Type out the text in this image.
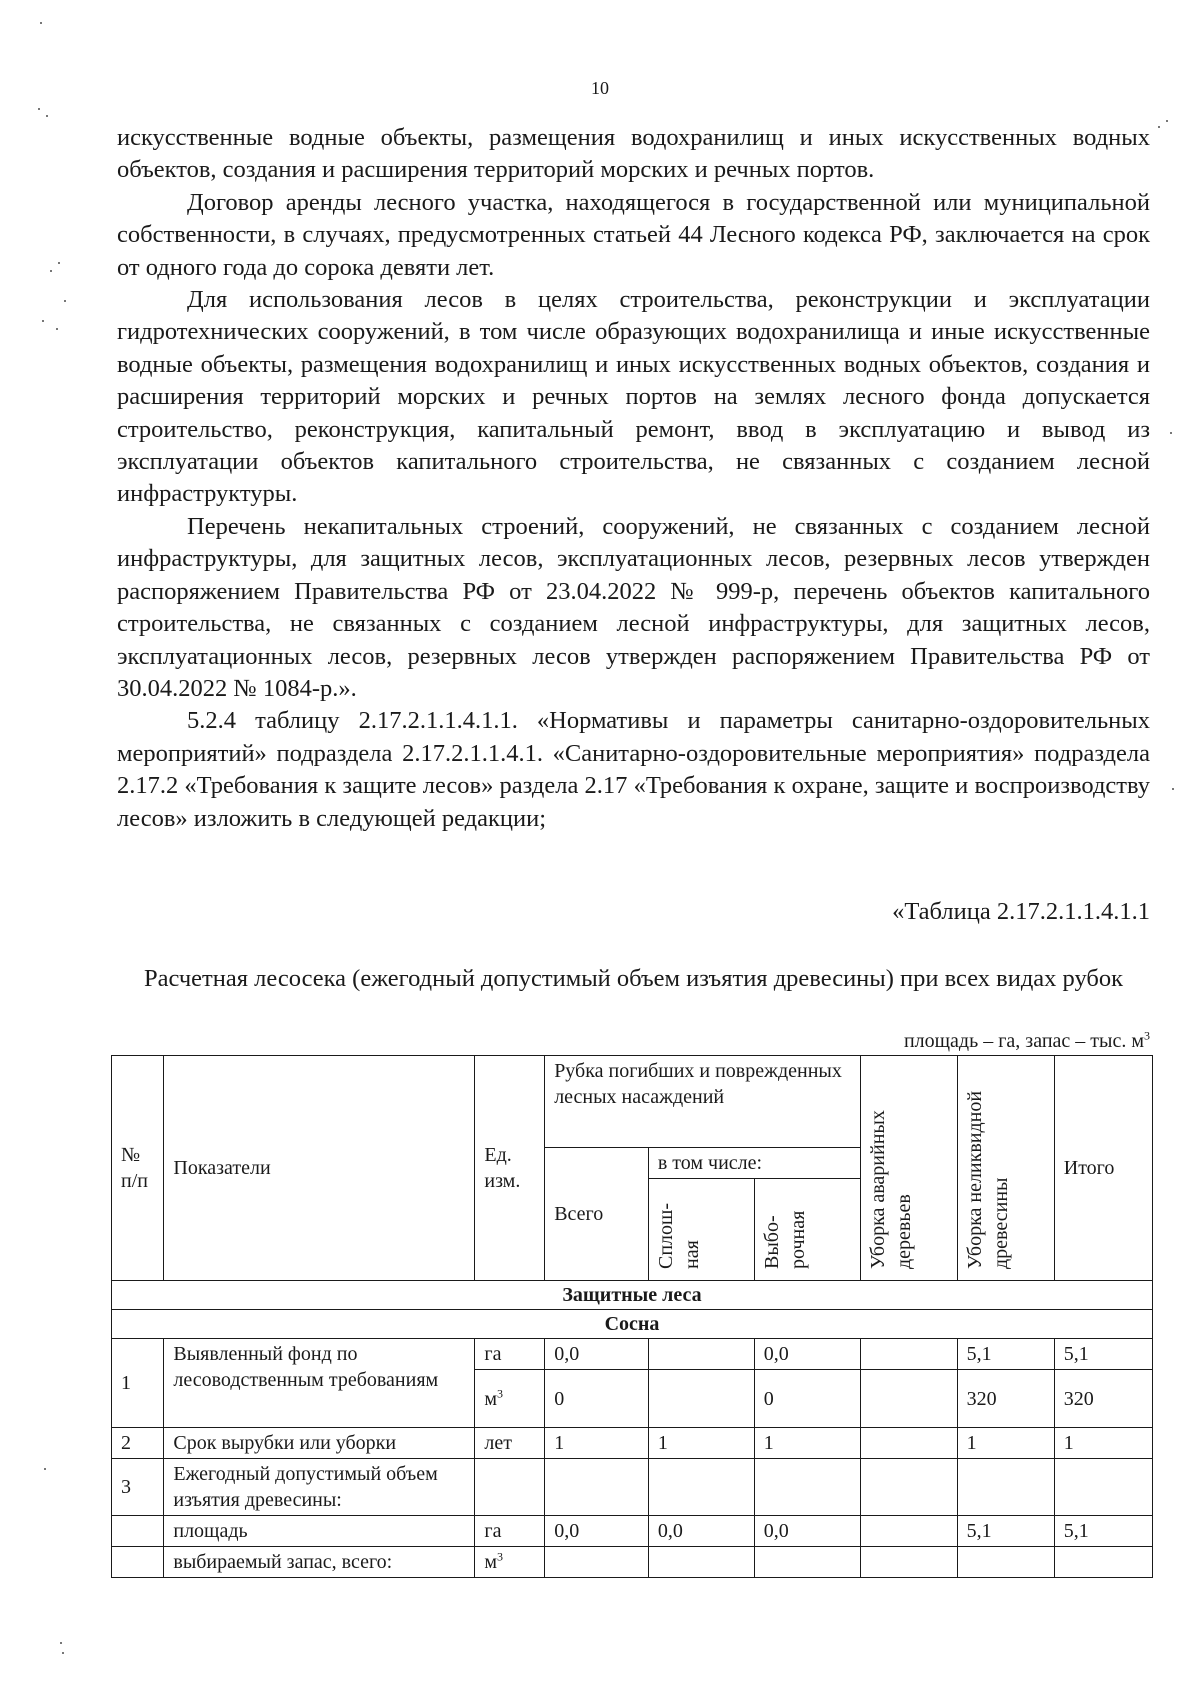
10

искусственные водные объекты, размещения водохранилищ и иных искусственных водных объектов, создания и расширения территорий морских и речных портов.

Договор аренды лесного участка, находящегося в государственной или муниципальной собственности, в случаях, предусмотренных статьей 44 Лесного кодекса РФ, заключается на срок от одного года до сорока девяти лет.

Для использования лесов в целях строительства, реконструкции и эксплуатации гидротехнических сооружений, в том числе образующих водохранилища и иные искусственные водные объекты, размещения водохранилищ и иных искусственных водных объектов, создания и расширения территорий морских и речных портов на землях лесного фонда допускается строительство, реконструкция, капитальный ремонт, ввод в эксплуатацию и вывод из эксплуатации объектов капитального строительства, не связанных с созданием лесной инфраструктуры.

Перечень некапитальных строений, сооружений, не связанных с созданием лесной инфраструктуры, для защитных лесов, эксплуатационных лесов, резервных лесов утвержден распоряжением Правительства РФ от 23.04.2022 № 999-р, перечень объектов капитального строительства, не связанных с созданием лесной инфраструктуры, для защитных лесов, эксплуатационных лесов, резервных лесов утвержден распоряжением Правительства РФ от 30.04.2022 № 1084-р.».

5.2.4 таблицу 2.17.2.1.1.4.1.1. «Нормативы и параметры санитарно-оздоровительных мероприятий» подраздела 2.17.2.1.1.4.1. «Санитарно-оздоровительные мероприятия» подраздела 2.17.2 «Требования к защите лесов» раздела 2.17 «Требования к охране, защите и воспроизводству лесов» изложить в следующей редакции;

«Таблица 2.17.2.1.1.4.1.1
Расчетная лесосека (ежегодный допустимый объем изъятия древесины) при всех видах рубок
площадь – га, запас – тыс. $м^3$
№ п/п	Показатели	Ед. изм.	Рубка погибших и поврежденных лесных насаждений			Уборка аварийных деревьев	Уборка неликвидной древесины	Итого
			Всего	в том числе:				
				Сплош-ная	Выбо-рочная			
Защитные леса								
Сосна								
1	Выявленный фонд по лесоводственным требованиям	га	0,0		0,0		5,1	5,1
		$м^3$	0		0		320	320
2	Срок вырубки или уборки	лет	1	1	1		1	1
3	Ежегодный допустимый объем изъятия древесины:							
	площадь	га	0,0	0,0	0,0		5,1	5,1
	выбираемый запас, всего:	$м^3$						
